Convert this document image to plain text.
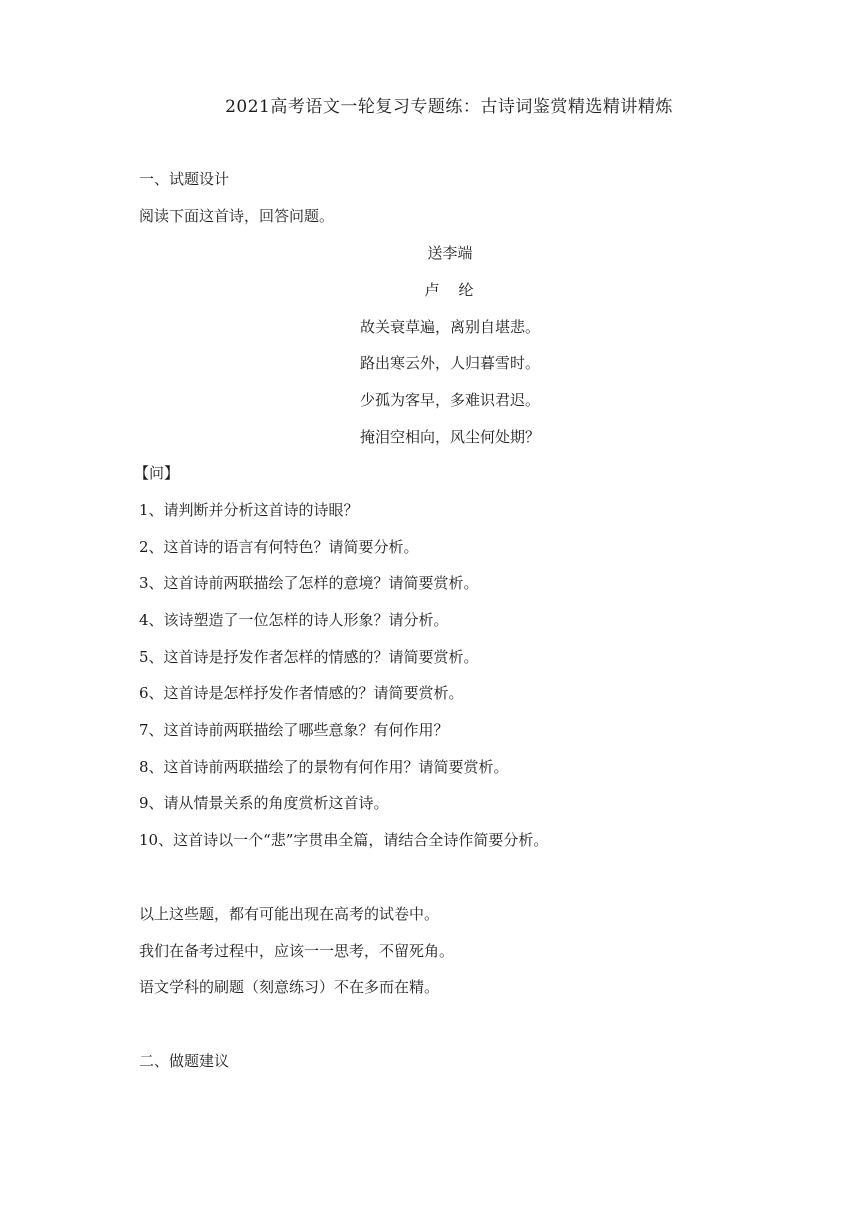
2021高考语文一轮复习专题练：古诗词鉴赏精选精讲精炼
一、试题设计
阅读下面这首诗，回答问题。
送李端
卢　纶
故关衰草遍，离别自堪悲。
路出寒云外，人归暮雪时。
少孤为客早，多难识君迟。
掩泪空相向，风尘何处期？
【问】
1、请判断并分析这首诗的诗眼？
2、这首诗的语言有何特色？请简要分析。
3、这首诗前两联描绘了怎样的意境？请简要赏析。
4、该诗塑造了一位怎样的诗人形象？请分析。
5、这首诗是抒发作者怎样的情感的？请简要赏析。
6、这首诗是怎样抒发作者情感的？请简要赏析。
7、这首诗前两联描绘了哪些意象？有何作用？
8、这首诗前两联描绘了的景物有何作用？请简要赏析。
9、请从情景关系的角度赏析这首诗。
10、这首诗以一个“悲”字贯串全篇，请结合全诗作简要分析。
以上这些题，都有可能出现在高考的试卷中。
我们在备考过程中，应该一一思考，不留死角。
语文学科的刷题（刻意练习）不在多而在精。
二、做题建议
